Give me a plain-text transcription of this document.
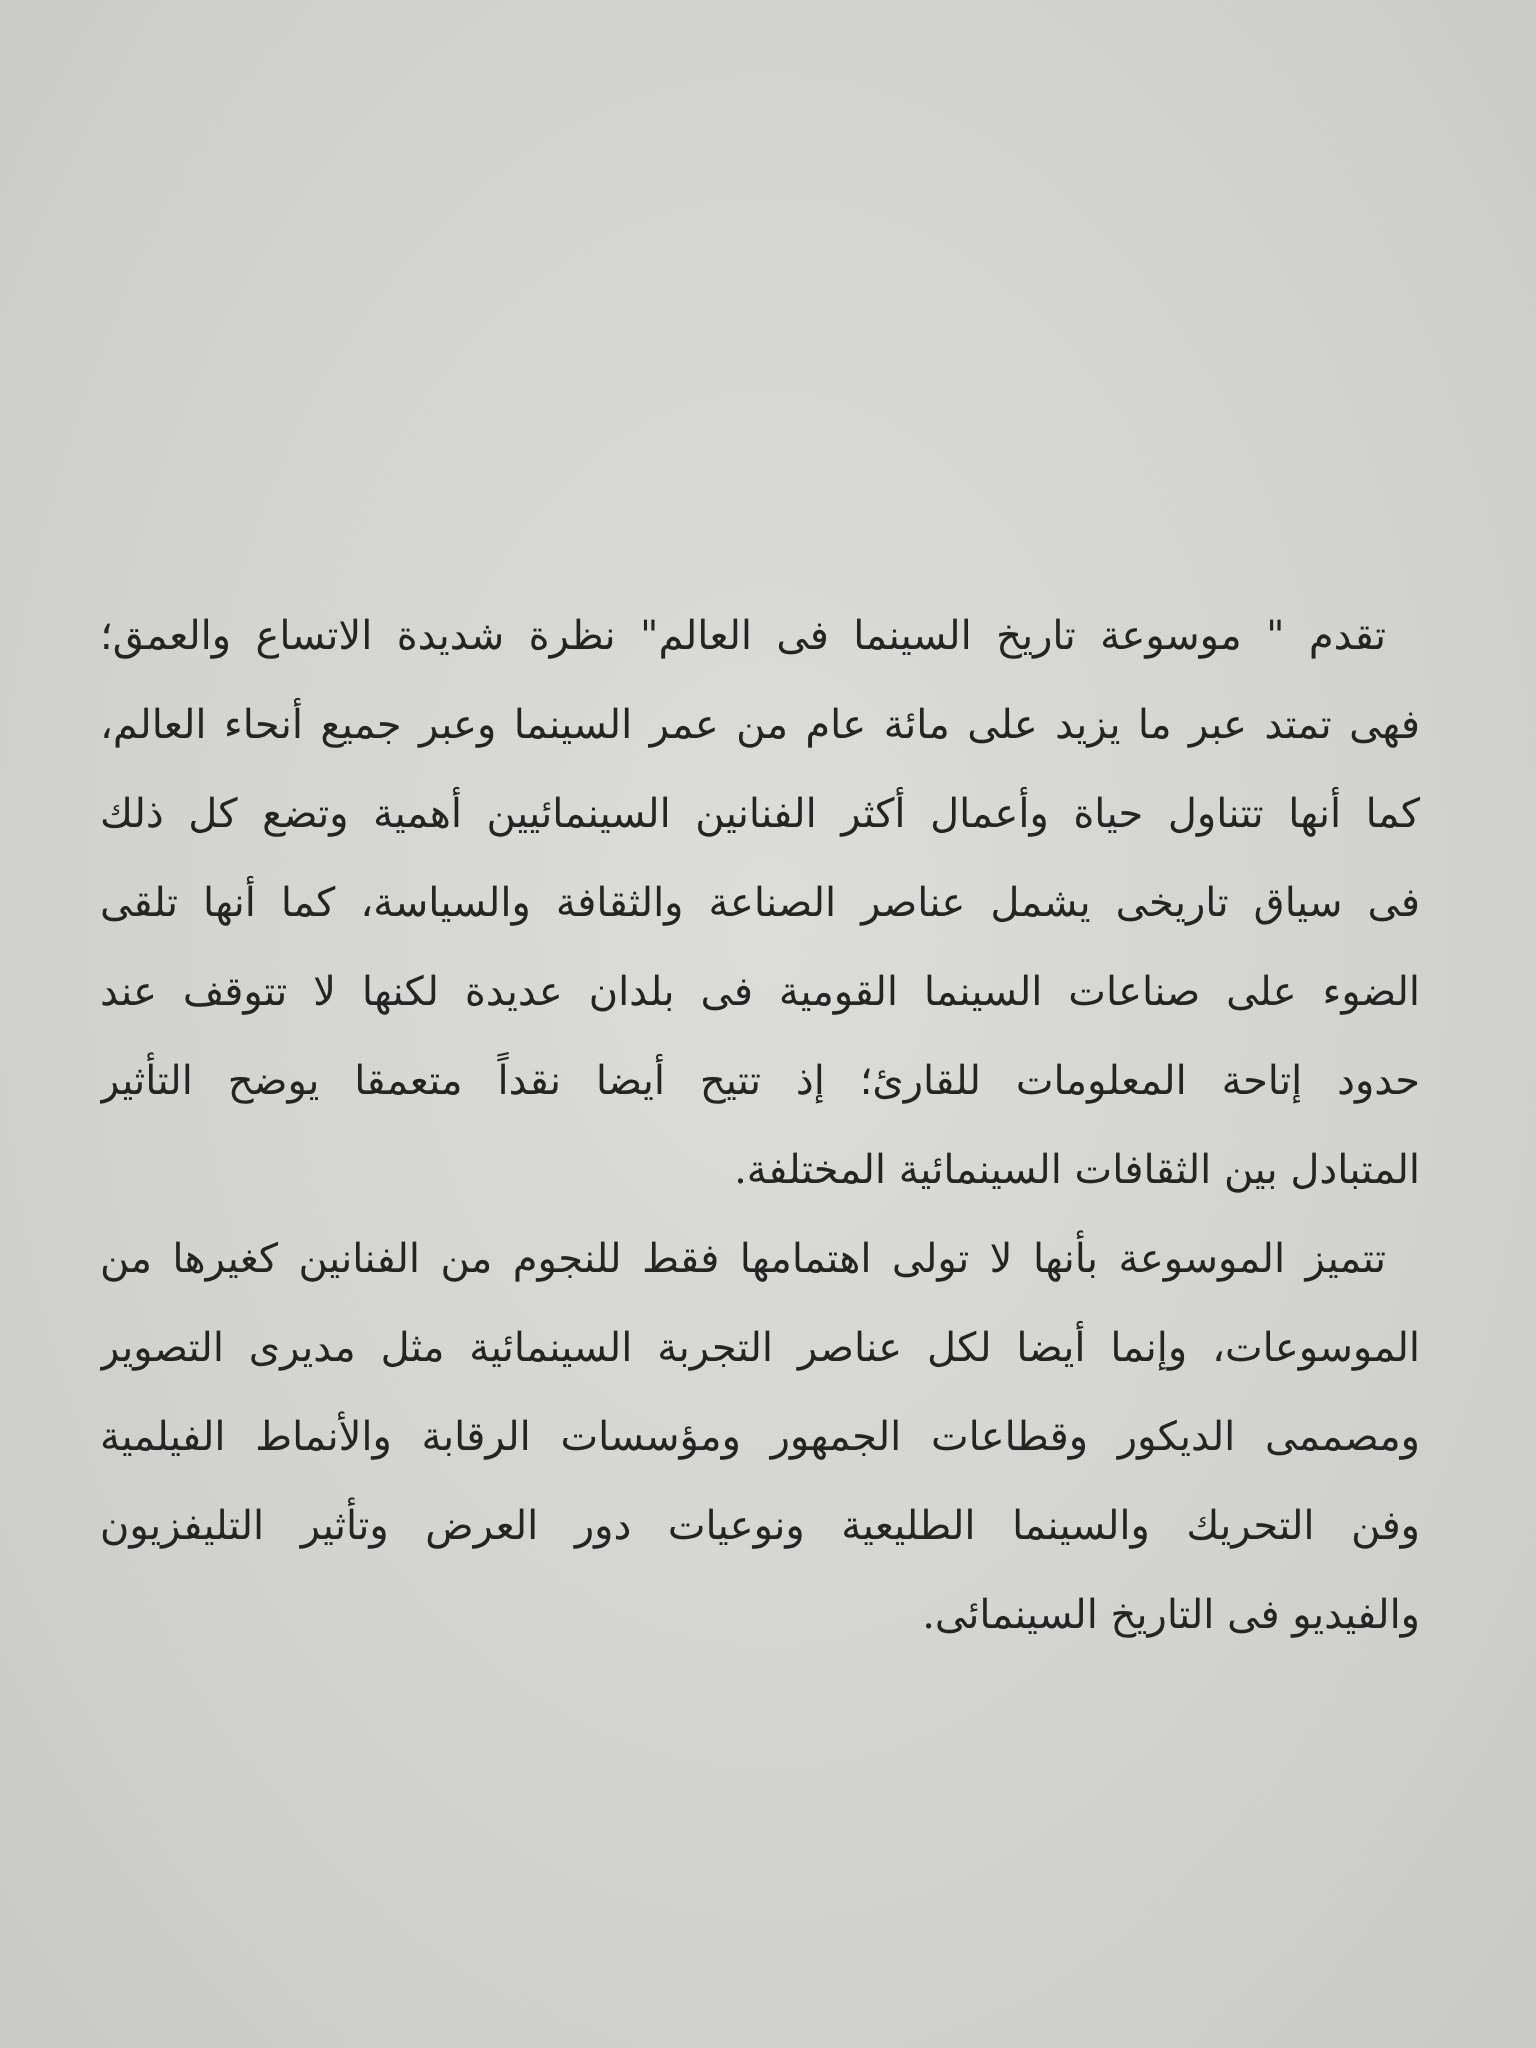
تقدم " موسوعة تاريخ السينما فى العالم" نظرة شديدة الاتساع والعمق؛
فهى تمتد عبر ما يزيد على مائة عام من عمر السينما وعبر جميع أنحاء العالم،
كما أنها تتناول حياة وأعمال أكثر الفنانين السينمائيين أهمية وتضع كل ذلك
فى سياق تاريخى يشمل عناصر الصناعة والثقافة والسياسة، كما أنها تلقى
الضوء على صناعات السينما القومية فى بلدان عديدة لكنها لا تتوقف عند
حدود إتاحة المعلومات للقارئ؛ إذ تتيح أيضا نقداً متعمقا يوضح التأثير
المتبادل بين الثقافات السينمائية المختلفة.
تتميز الموسوعة بأنها لا تولى اهتمامها فقط للنجوم من الفنانين كغيرها من
الموسوعات، وإنما أيضا لكل عناصر التجربة السينمائية مثل مديرى التصوير
ومصممى الديكور وقطاعات الجمهور ومؤسسات الرقابة والأنماط الفيلمية
وفن التحريك والسينما الطليعية ونوعيات دور العرض وتأثير التليفزيون
والفيديو فى التاريخ السينمائى.
